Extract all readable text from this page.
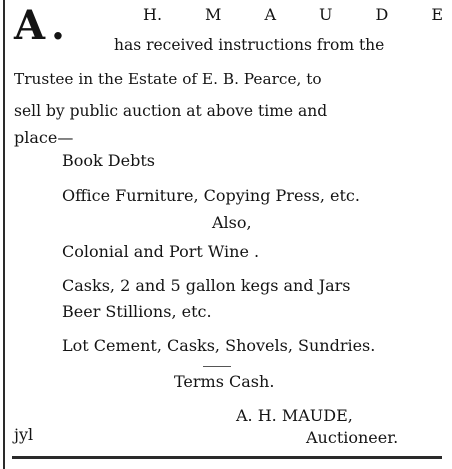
A.	H.	M	A	U	D	E
has received instructions from the
Trustee in the Estate of E. B. Pearce, to
sell by public auction at above time and
place—
Book Debts
Office Furniture, Copying Press, etc.
Also,
Colonial and Port Wine .
Casks, 2 and 5 gallon kegs and Jars
Beer Stillions, etc.
Lot Cement, Casks, Shovels, Sundries.
Terms Cash.
A. H. MAUDE,
jyl	Auctioneer.
